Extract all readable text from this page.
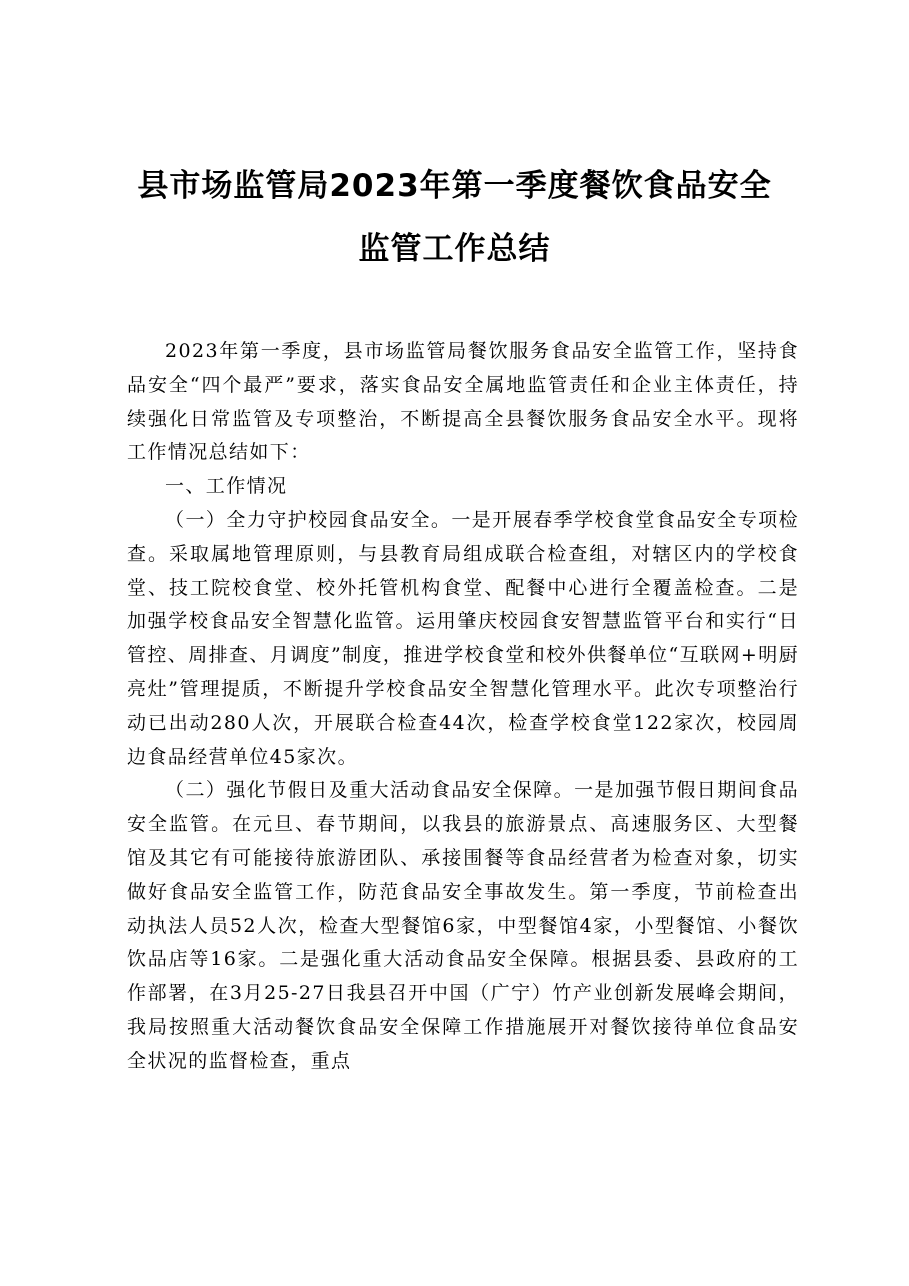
县市场监管局2023年第一季度餐饮食品安全
监管工作总结

2023年第一季度，县市场监管局餐饮服务食品安全监管工作，坚持食品安全“四个最严”要求，落实食品安全属地监管责任和企业主体责任，持续强化日常监管及专项整治，不断提高全县餐饮服务食品安全水平。现将工作情况总结如下：

一、工作情况

（一）全力守护校园食品安全。一是开展春季学校食堂食品安全专项检查。采取属地管理原则，与县教育局组成联合检查组，对辖区内的学校食堂、技工院校食堂、校外托管机构食堂、配餐中心进行全覆盖检查。二是加强学校食品安全智慧化监管。运用肇庆校园食安智慧监管平台和实行“日管控、周排查、月调度”制度，推进学校食堂和校外供餐单位“互联网+明厨亮灶”管理提质，不断提升学校食品安全智慧化管理水平。此次专项整治行动已出动280人次，开展联合检查44次，检查学校食堂122家次，校园周边食品经营单位45家次。

（二）强化节假日及重大活动食品安全保障。一是加强节假日期间食品安全监管。在元旦、春节期间，以我县的旅游景点、高速服务区、大型餐馆及其它有可能接待旅游团队、承接围餐等食品经营者为检查对象，切实做好食品安全监管工作，防范食品安全事故发生。第一季度，节前检查出动执法人员52人次，检查大型餐馆6家，中型餐馆4家，小型餐馆、小餐饮饮品店等16家。二是强化重大活动食品安全保障。根据县委、县政府的工作部署，在3月25-27日我县召开中国（广宁）竹产业创新发展峰会期间，我局按照重大活动餐饮食品安全保障工作措施展开对餐饮接待单位食品安全状况的监督检查，重点
